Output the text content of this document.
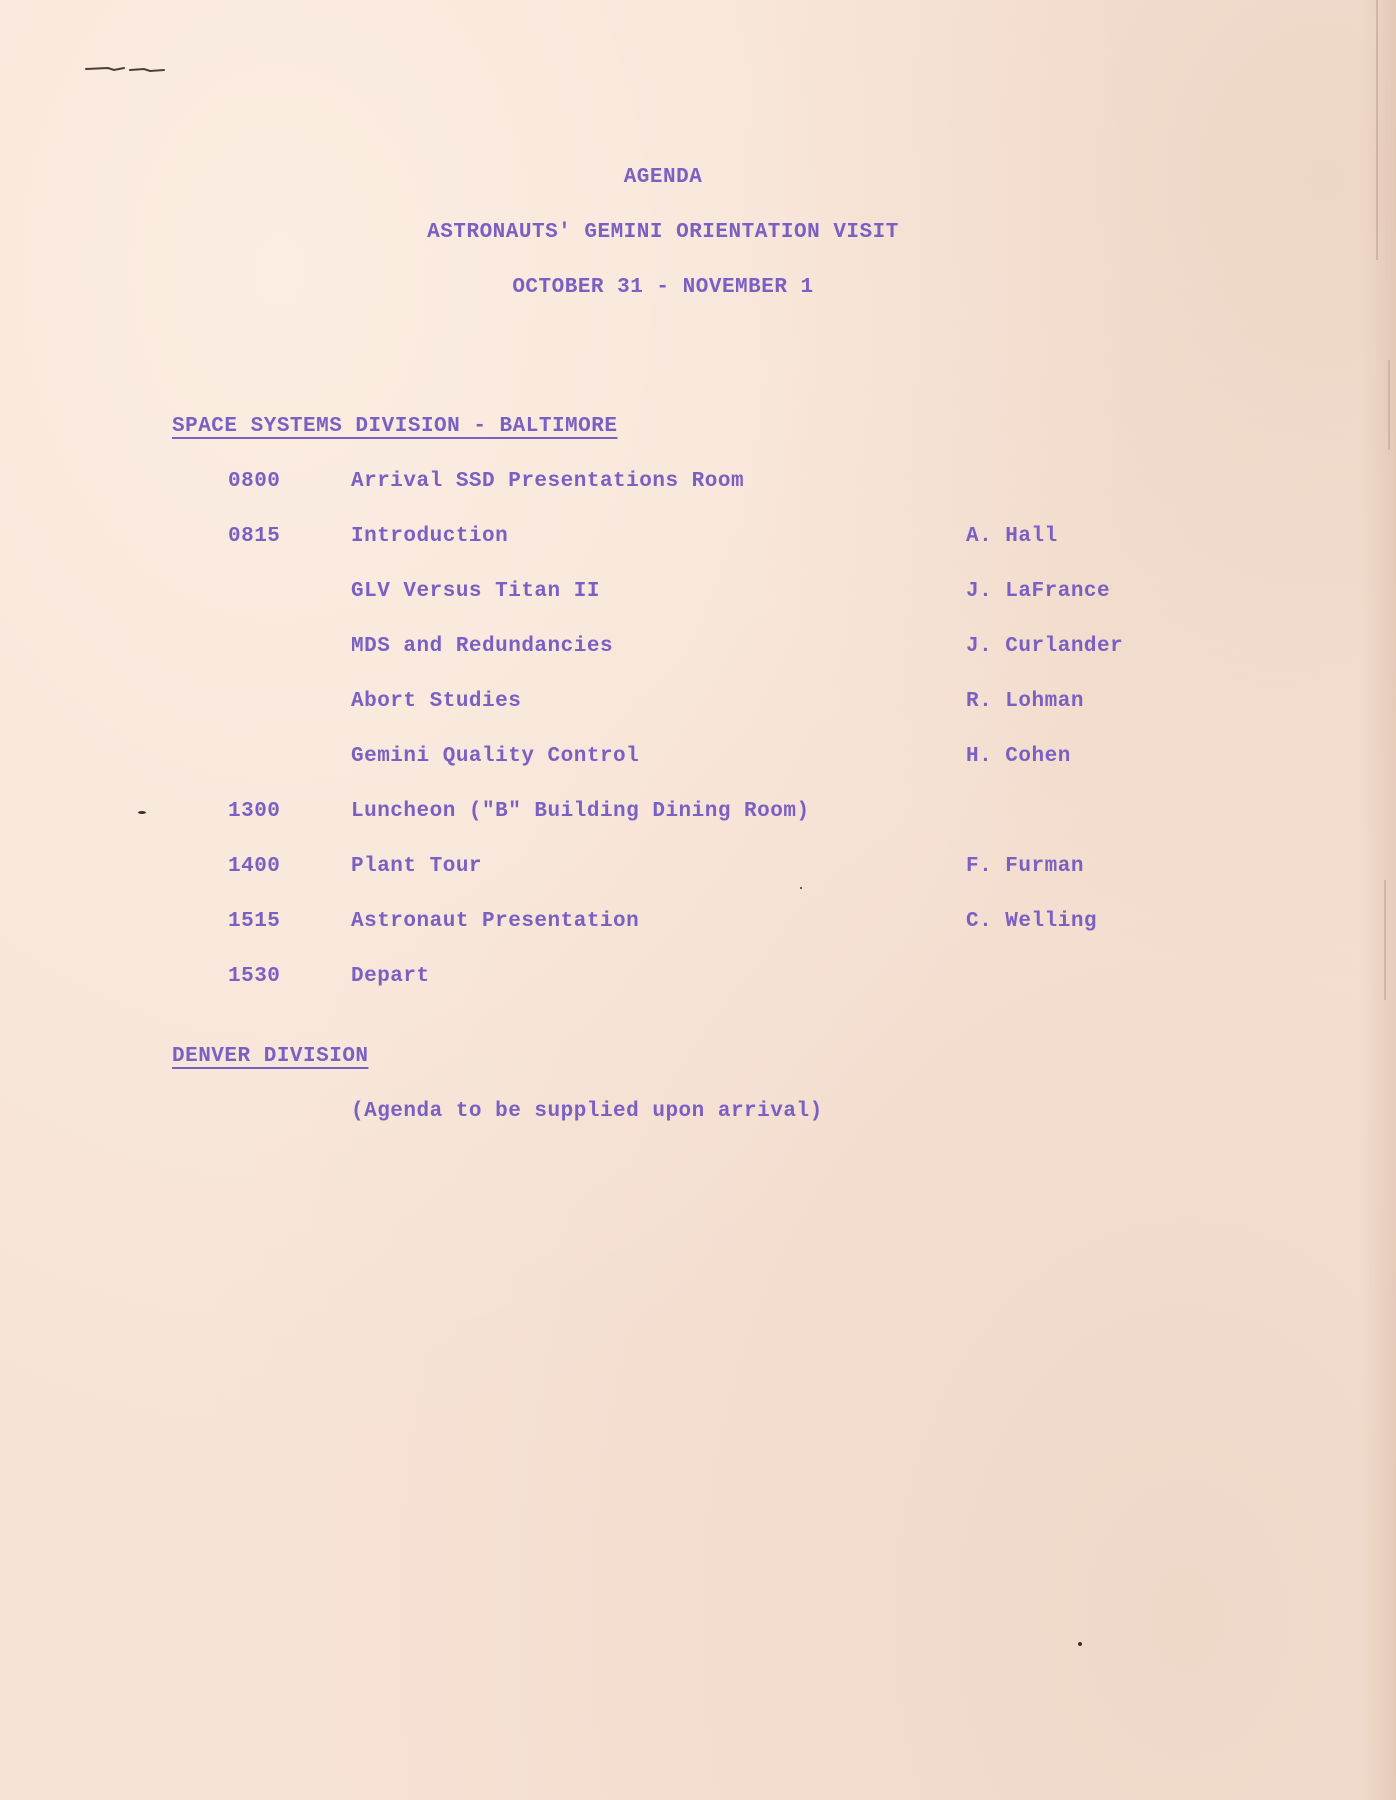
AGENDA
ASTRONAUTS' GEMINI ORIENTATION VISIT
OCTOBER 31 - NOVEMBER 1
SPACE SYSTEMS DIVISION - BALTIMORE
0800	Arrival SSD Presentations Room
0815	Introduction	A. Hall
GLV Versus Titan II	J. LaFrance
MDS and Redundancies	J. Curlander
Abort Studies	R. Lohman
Gemini Quality Control	H. Cohen
1300	Luncheon ("B" Building Dining Room)
1400	Plant Tour	F. Furman
1515	Astronaut Presentation	C. Welling
1530	Depart
DENVER DIVISION
(Agenda to be supplied upon arrival)
